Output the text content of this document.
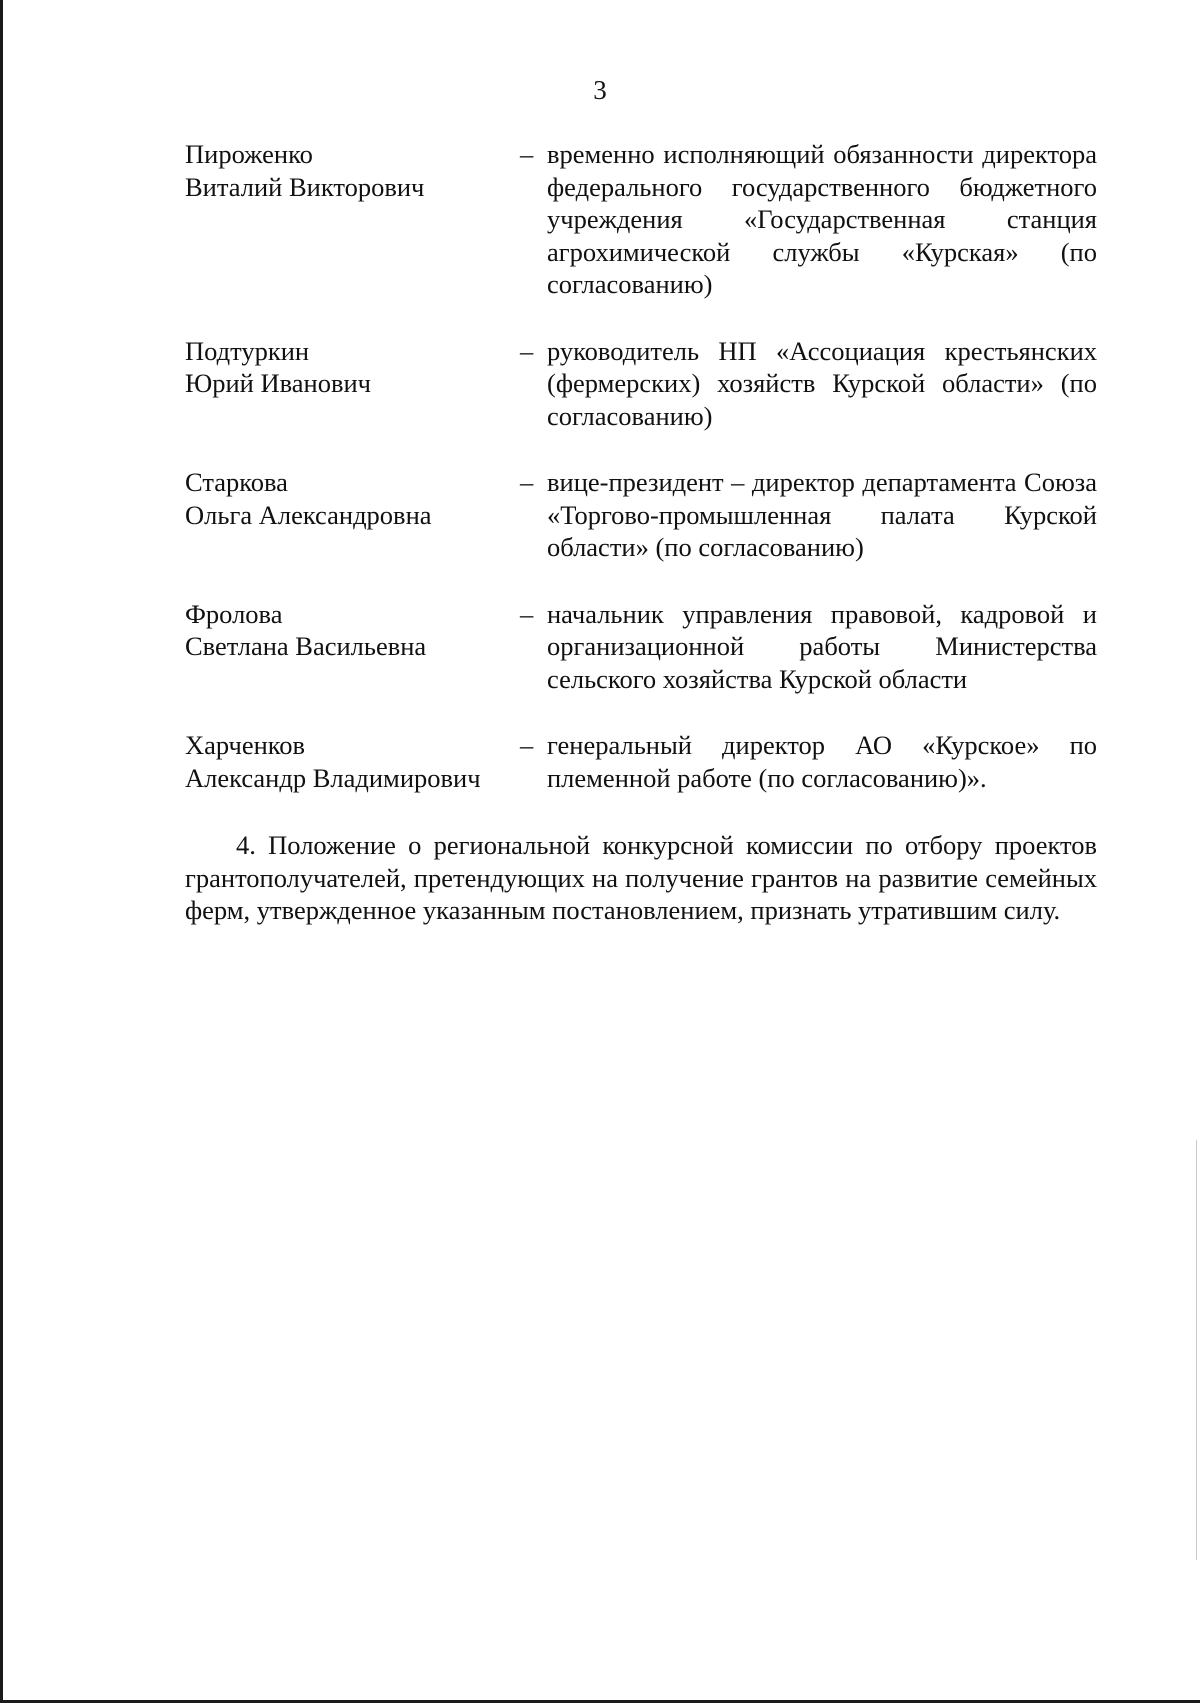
3
Пироженко
Виталий Викторович
– временно исполняющий обязанности директора федерального государственного бюджетного учреждения «Государственная станция агрохимической службы «Курская» (по согласованию)
Подтуркин
Юрий Иванович
– руководитель НП «Ассоциация крестьянских (фермерских) хозяйств Курской области» (по согласованию)
Старкова
Ольга Александровна
– вице-президент – директор департамента Союза «Торгово-промышленная палата Курской области» (по согласованию)
Фролова
Светлана Васильевна
– начальник управления правовой, кадровой и организационной работы Министерства сельского хозяйства Курской области
Харченков
Александр Владимирович
– генеральный директор АО «Курское» по племенной работе (по согласованию)».

4. Положение о региональной конкурсной комиссии по отбору проектов грантополучателей, претендующих на получение грантов на развитие семейных ферм, утвержденное указанным постановлением, признать утратившим силу.
